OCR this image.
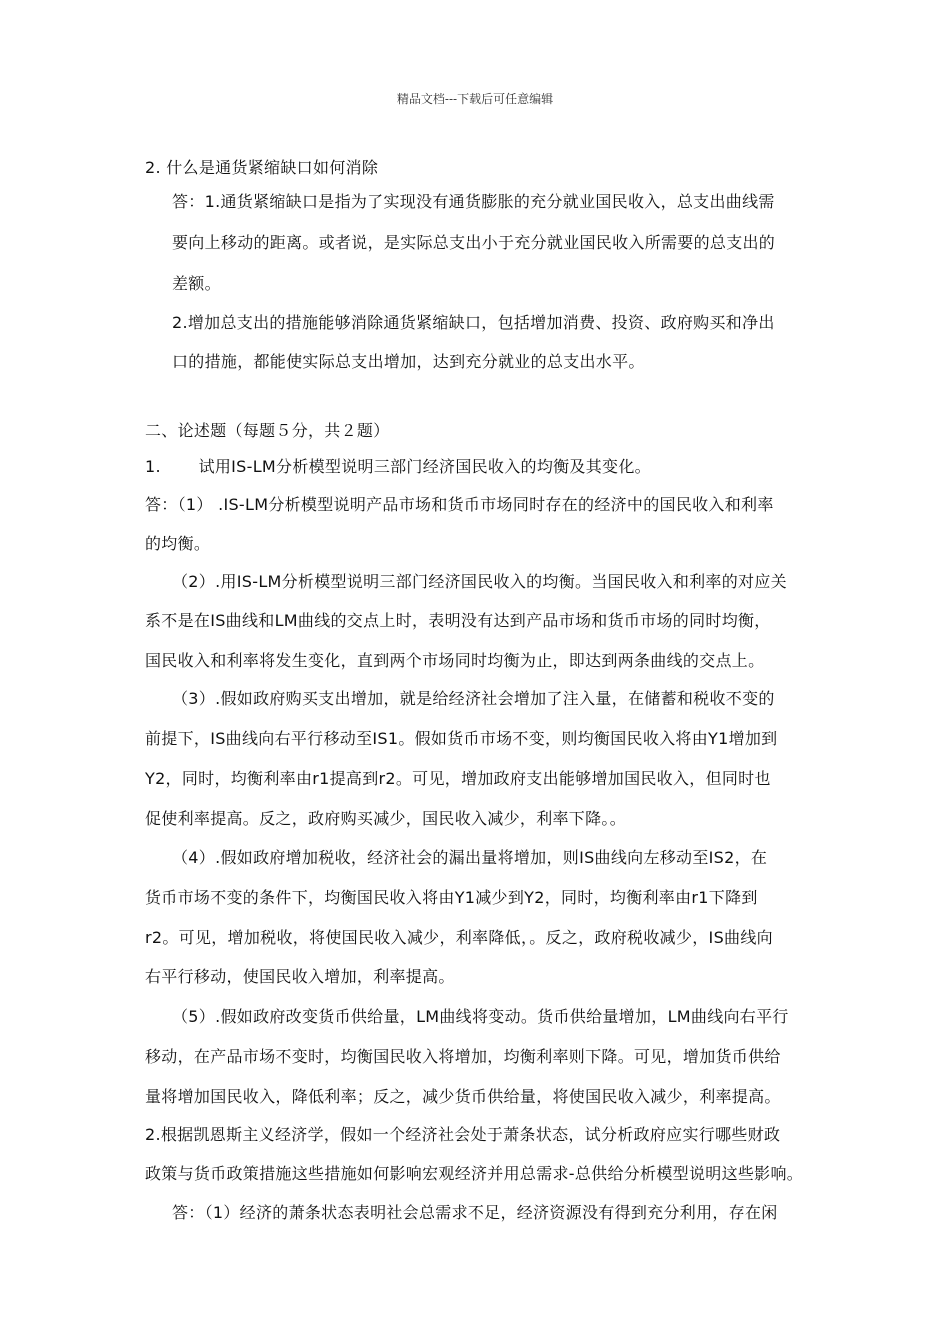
精品文档---下载后可任意编辑
2. 什么是通货紧缩缺口如何消除
答：1.通货紧缩缺口是指为了实现没有通货膨胀的充分就业国民收入，总支出曲线需
要向上移动的距离。或者说，是实际总支出小于充分就业国民收入所需要的总支出的
差额。
2.增加总支出的措施能够消除通货紧缩缺口，包括增加消费、投资、政府购买和净出
口的措施，都能使实际总支出增加，达到充分就业的总支出水平。
二、论述题（每题５分，共２题）
1.       试用IS-LM分析模型说明三部门经济国民收入的均衡及其变化。
答：（1） .IS-LM分析模型说明产品市场和货币市场同时存在的经济中的国民收入和利率
的均衡。
（2）.用IS-LM分析模型说明三部门经济国民收入的均衡。当国民收入和利率的对应关
系不是在IS曲线和LM曲线的交点上时，表明没有达到产品市场和货币市场的同时均衡，
国民收入和利率将发生变化，直到两个市场同时均衡为止，即达到两条曲线的交点上。
（3）.假如政府购买支出增加，就是给经济社会增加了注入量，在储蓄和税收不变的
前提下，IS曲线向右平行移动至IS1。假如货币市场不变，则均衡国民收入将由Y1增加到
Y2，同时，均衡利率由r1提高到r2。可见，增加政府支出能够增加国民收入，但同时也
促使利率提高。反之，政府购买减少，国民收入减少，利率下降。。
（4）.假如政府增加税收，经济社会的漏出量将增加，则IS曲线向左移动至IS2，在
货币市场不变的条件下，均衡国民收入将由Y1减少到Y2，同时，均衡利率由r1下降到
r2。可见，增加税收，将使国民收入减少，利率降低，。反之，政府税收减少，IS曲线向
右平行移动，使国民收入增加，利率提高。
（5）.假如政府改变货币供给量，LM曲线将变动。货币供给量增加，LM曲线向右平行
移动，在产品市场不变时，均衡国民收入将增加，均衡利率则下降。可见，增加货币供给
量将增加国民收入，降低利率；反之，减少货币供给量，将使国民收入减少，利率提高。
2.根据凯恩斯主义经济学，假如一个经济社会处于萧条状态，试分析政府应实行哪些财政
政策与货币政策措施这些措施如何影响宏观经济并用总需求-总供给分析模型说明这些影响。
答：（1）经济的萧条状态表明社会总需求不足，经济资源没有得到充分利用，存在闲
